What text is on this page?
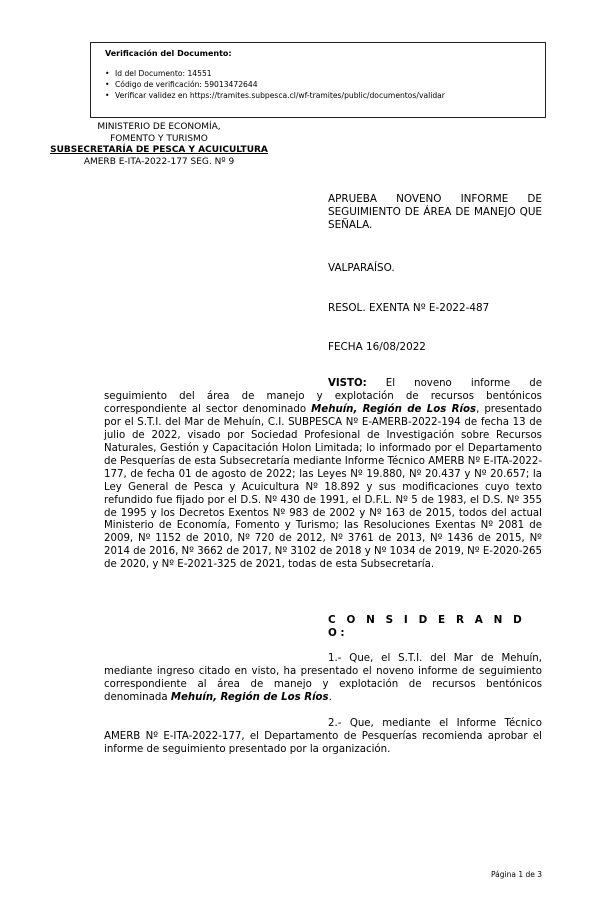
Verificación del Documento:

• Id del Documento: 14551
• Código de verificación: 59013472644
• Verificar validez en https://tramites.subpesca.cl/wf-tramites/public/documentos/validar
MINISTERIO DE ECONOMÍA,
FOMENTO Y TURISMO
SUBSECRETARÍA DE PESCA Y ACUICULTURA
AMERB E-ITA-2022-177 SEG. Nº 9
APRUEBA NOVENO INFORME DE SEGUIMIENTO DE ÁREA DE MANEJO QUE SEÑALA.
VALPARAÍSO.
RESOL. EXENTA Nº E-2022-487
FECHA 16/08/2022
VISTO: El noveno informe de seguimiento del área de manejo y explotación de recursos bentónicos correspondiente al sector denominado Mehuín, Región de Los Ríos, presentado por el S.T.I. del Mar de Mehuín, C.I. SUBPESCA Nº E-AMERB-2022-194 de fecha 13 de julio de 2022, visado por Sociedad Profesional de Investigación sobre Recursos Naturales, Gestión y Capacitación Holon Limitada; lo informado por el Departamento de Pesquerías de esta Subsecretaría mediante Informe Técnico AMERB Nº E-ITA-2022-177, de fecha 01 de agosto de 2022; las Leyes Nº 19.880, Nº 20.437 y Nº 20.657; la Ley General de Pesca y Acuicultura Nº 18.892 y sus modificaciones cuyo texto refundido fue fijado por el D.S. Nº 430 de 1991, el D.F.L. Nº 5 de 1983, el D.S. Nº 355 de 1995 y los Decretos Exentos Nº 983 de 2002 y Nº 163 de 2015, todos del actual Ministerio de Economía, Fomento y Turismo; las Resoluciones Exentas Nº 2081 de 2009, Nº 1152 de 2010, Nº 720 de 2012, Nº 3761 de 2013, Nº 1436 de 2015, Nº 2014 de 2016, Nº 3662 de 2017, Nº 3102 de 2018 y Nº 1034 de 2019, Nº E-2020-265 de 2020, y Nº E-2021-325 de 2021, todas de esta Subsecretaría.
C O N S I D E R A N D O:
1.- Que, el S.T.I. del Mar de Mehuín, mediante ingreso citado en visto, ha presentado el noveno informe de seguimiento correspondiente al área de manejo y explotación de recursos bentónicos denominada Mehuín, Región de Los Ríos.
2.- Que, mediante el Informe Técnico AMERB Nº E-ITA-2022-177, el Departamento de Pesquerías recomienda aprobar el informe de seguimiento presentado por la organización.
Página 1 de 3
